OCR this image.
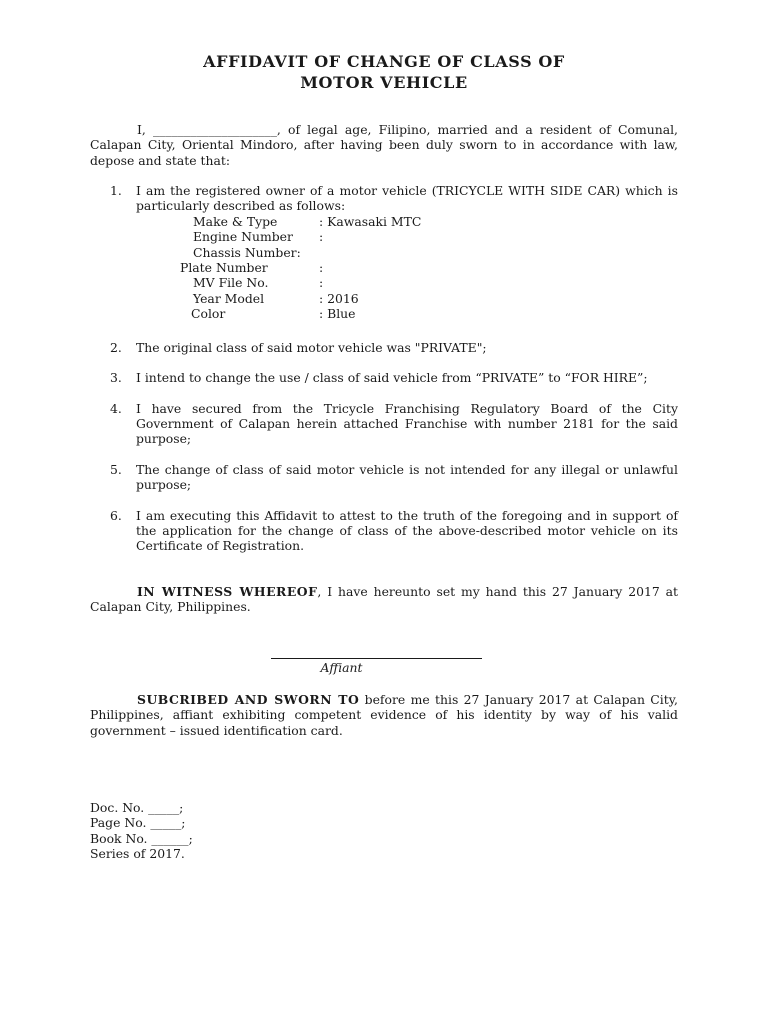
AFFIDAVIT OF CHANGE OF CLASS OF
MOTOR VEHICLE

I, ____________________, of legal age, Filipino, married and a resident of Comunal, Calapan City, Oriental Mindoro, after having been duly sworn to in accordance with law, depose and state that:

1. I am the registered owner of a motor vehicle (TRICYCLE WITH SIDE CAR) which is particularly described as follows:
Make & Type	: Kawasaki MTC
Engine Number :
Chassis Number:
Plate Number	:
MV File No.	:
Year Model	: 2016
Color	: Blue
2. The original class of said motor vehicle was "PRIVATE";
3. I intend to change the use / class of said vehicle from “PRIVATE” to “FOR HIRE”;
4. I have secured from the Tricycle Franchising Regulatory Board of the City Government of Calapan herein attached Franchise with number 2181 for the said purpose;
5. The change of class of said motor vehicle is not intended for any illegal or unlawful purpose;
6. I am executing this Affidavit to attest to the truth of the foregoing and in support of the application for the change of class of the above-described motor vehicle on its Certificate of Registration.

IN WITNESS WHEREOF, I have hereunto set my hand this 27 January 2017 at Calapan City, Philippines.

Affiant

SUBCRIBED AND SWORN TO before me this 27 January 2017 at Calapan City, Philippines, affiant exhibiting competent evidence of his identity by way of his valid government – issued identification card.

Doc. No. _____;
Page No. _____;
Book No. ______;
Series of 2017.
